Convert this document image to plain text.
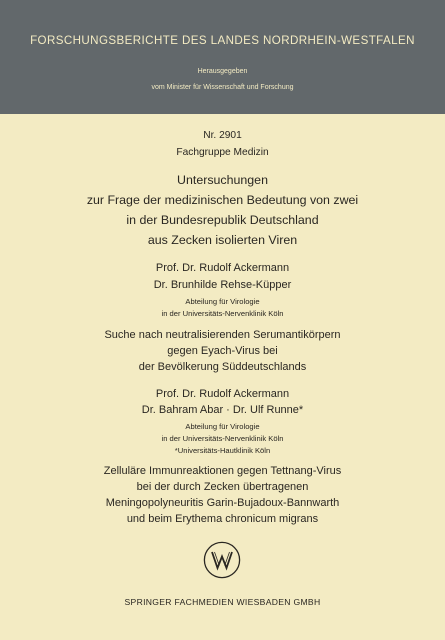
FORSCHUNGSBERICHTE DES LANDES NORDRHEIN-WESTFALEN
Herausgegeben
vom Minister für Wissenschaft und Forschung
Nr. 2901
Fachgruppe Medizin
Untersuchungen
zur Frage der medizinischen Bedeutung von zwei
in der Bundesrepublik Deutschland
aus Zecken isolierten Viren
Prof. Dr. Rudolf Ackermann
Dr. Brunhilde Rehse-Küpper
Abteilung für Virologie
in der Universitäts-Nervenklinik Köln
Suche nach neutralisierenden Serumantikörpern
gegen Eyach-Virus bei
der Bevölkerung Süddeutschlands
Prof. Dr. Rudolf Ackermann
Dr. Bahram Abar · Dr. Ulf Runne*
Abteilung für Virologie
in der Universitäts-Nervenklinik Köln
*Universitäts-Hautklinik Köln
Zelluläre Immunreaktionen gegen Tettnang-Virus
bei der durch Zecken übertragenen
Meningopolyneuritis Garin-Bujadoux-Bannwarth
und beim Erythema chronicum migrans
SPRINGER FACHMEDIEN WIESBADEN GMBH
